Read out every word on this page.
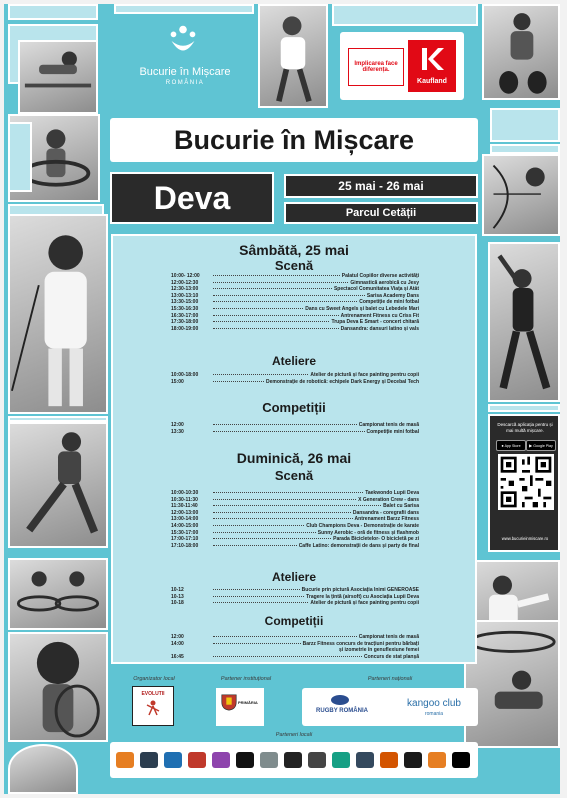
Bucurie în Mișcare
ROMÂNIA
Implicarea face diferența.
Kaufland
Bucurie în Mișcare
Deva	25 mai - 26 mai
Parcul Cetății
Descarcă aplicația pentru și mai multă mișcare.
● App Store	▶ Google Play
www.bucurieinmiscare.ro
Sâmbătă, 25 mai
Scenă
10:00- 12:00	Palatul Copiilor diverse activități
12:00-12:30	Gimnastică aerobică cu Jesy
12:30-13:00	Spectacol Comunitatea Viața și Atât
13:00-13:10	Sarisa Academy Dans
13:30-15:00	Competiție de mini fotbal
15:30-16:30	Dans cu Sweet Angels și balet cu Lebedele Mari
16:30-17:00	Antrenament Fitness cu Criss Fit
17:30-18:00	Trupa Deva E Smart - concert chitară
18:00-19:00	Dansandra: dansuri latino și vals
Ateliere
10:00-18:00	Atelier de pictură și face painting pentru copii
15:00	Demonstrație de robotică: echipele Dark Energy și Decebal Tech
Competiții
12:00	Campionat tenis de masă
13:30	Competiție mini fotbal
Duminică, 26 mai
Scenă
10:00-10:30	Taekwondo Lupii Deva
10:30-11:30	X Generation Crew - dans
11:30-11:40	Balet cu Sarisa
12:00-13:00	Dansandra - coregrafii dans
13:00-14:00	Antrenament Barzz Fitness
14:00-15:00	Club Champions Deva - Demonstrație de karate
15:30-17:00	Sunny Aerobic - oră de fitness și flashmob
17:00-17:10	Parada Bicicletelor- O bicicletă pe zi
17:10-18:00	Caffe Latino: demonstrații de dans și party de final
Ateliere
10-12	Bucurie prin pictură Asociația Inimi GENEROASE
10-13	Tragere la țintă (airsoft) cu Asociația Lupii Deva
10-18	Atelier de pictură și face painting pentru copii
Competiții
12:00	Campionat tenis de masă
14:00	Barzz Fitness concurs de tracțiuni pentru bărbați
și izometrie în genuflexiune femei
16:45	Concurs de stat planșă
Organizator local
EVOLUTII
Partener instituțional
PRIMĂRIA
Parteneri naționali
RUGBY ROMÂNIA
kangoo club
romania
Parteneri locali
